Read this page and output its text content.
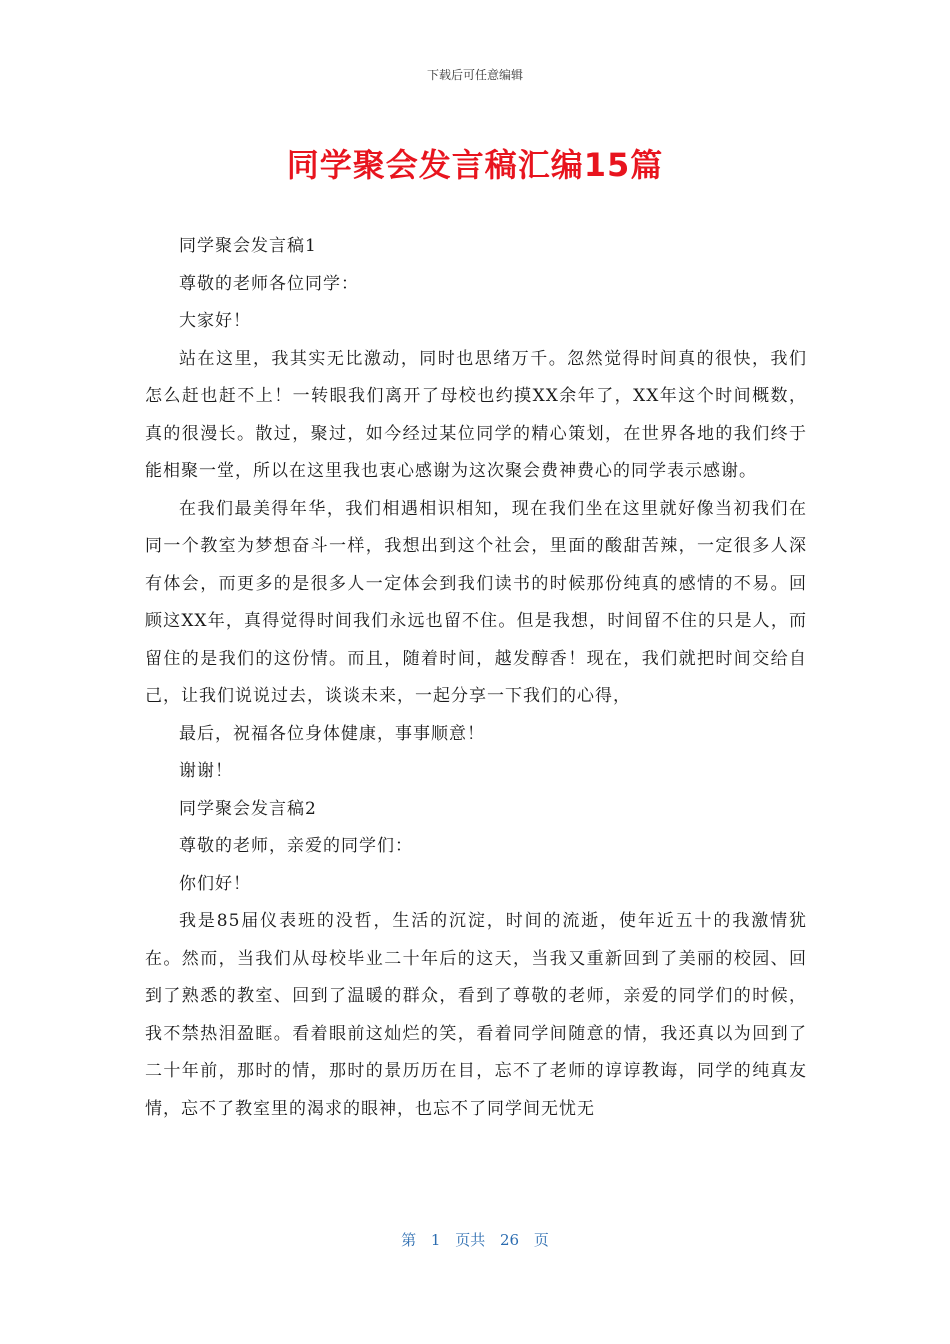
下载后可任意编辑
同学聚会发言稿汇编15篇

同学聚会发言稿1

尊敬的老师各位同学：

大家好！

站在这里，我其实无比激动，同时也思绪万千。忽然觉得时间真的很快，我们怎么赶也赶不上！一转眼我们离开了母校也约摸XX余年了，XX年这个时间概数，真的很漫长。散过，聚过，如今经过某位同学的精心策划，在世界各地的我们终于能相聚一堂，所以在这里我也衷心感谢为这次聚会费神费心的同学表示感谢。

在我们最美得年华，我们相遇相识相知，现在我们坐在这里就好像当初我们在同一个教室为梦想奋斗一样，我想出到这个社会，里面的酸甜苦辣，一定很多人深有体会，而更多的是很多人一定体会到我们读书的时候那份纯真的感情的不易。回顾这XX年，真得觉得时间我们永远也留不住。但是我想，时间留不住的只是人，而留住的是我们的这份情。而且，随着时间，越发醇香！现在，我们就把时间交给自己，让我们说说过去，谈谈未来，一起分享一下我们的心得，

最后，祝福各位身体健康，事事顺意！

谢谢！

同学聚会发言稿2

尊敬的老师，亲爱的同学们：

你们好！

我是85届仪表班的没哲，生活的沉淀，时间的流逝，使年近五十的我激情犹在。然而，当我们从母校毕业二十年后的这天，当我又重新回到了美丽的校园、回到了熟悉的教室、回到了温暖的群众，看到了尊敬的老师，亲爱的同学们的时候，我不禁热泪盈眶。看着眼前这灿烂的笑，看着同学间随意的情，我还真以为回到了二十年前，那时的情，那时的景历历在目，忘不了老师的谆谆教诲，同学的纯真友情，忘不了教室里的渴求的眼神，也忘不了同学间无忧无

第 1 页共 26 页
